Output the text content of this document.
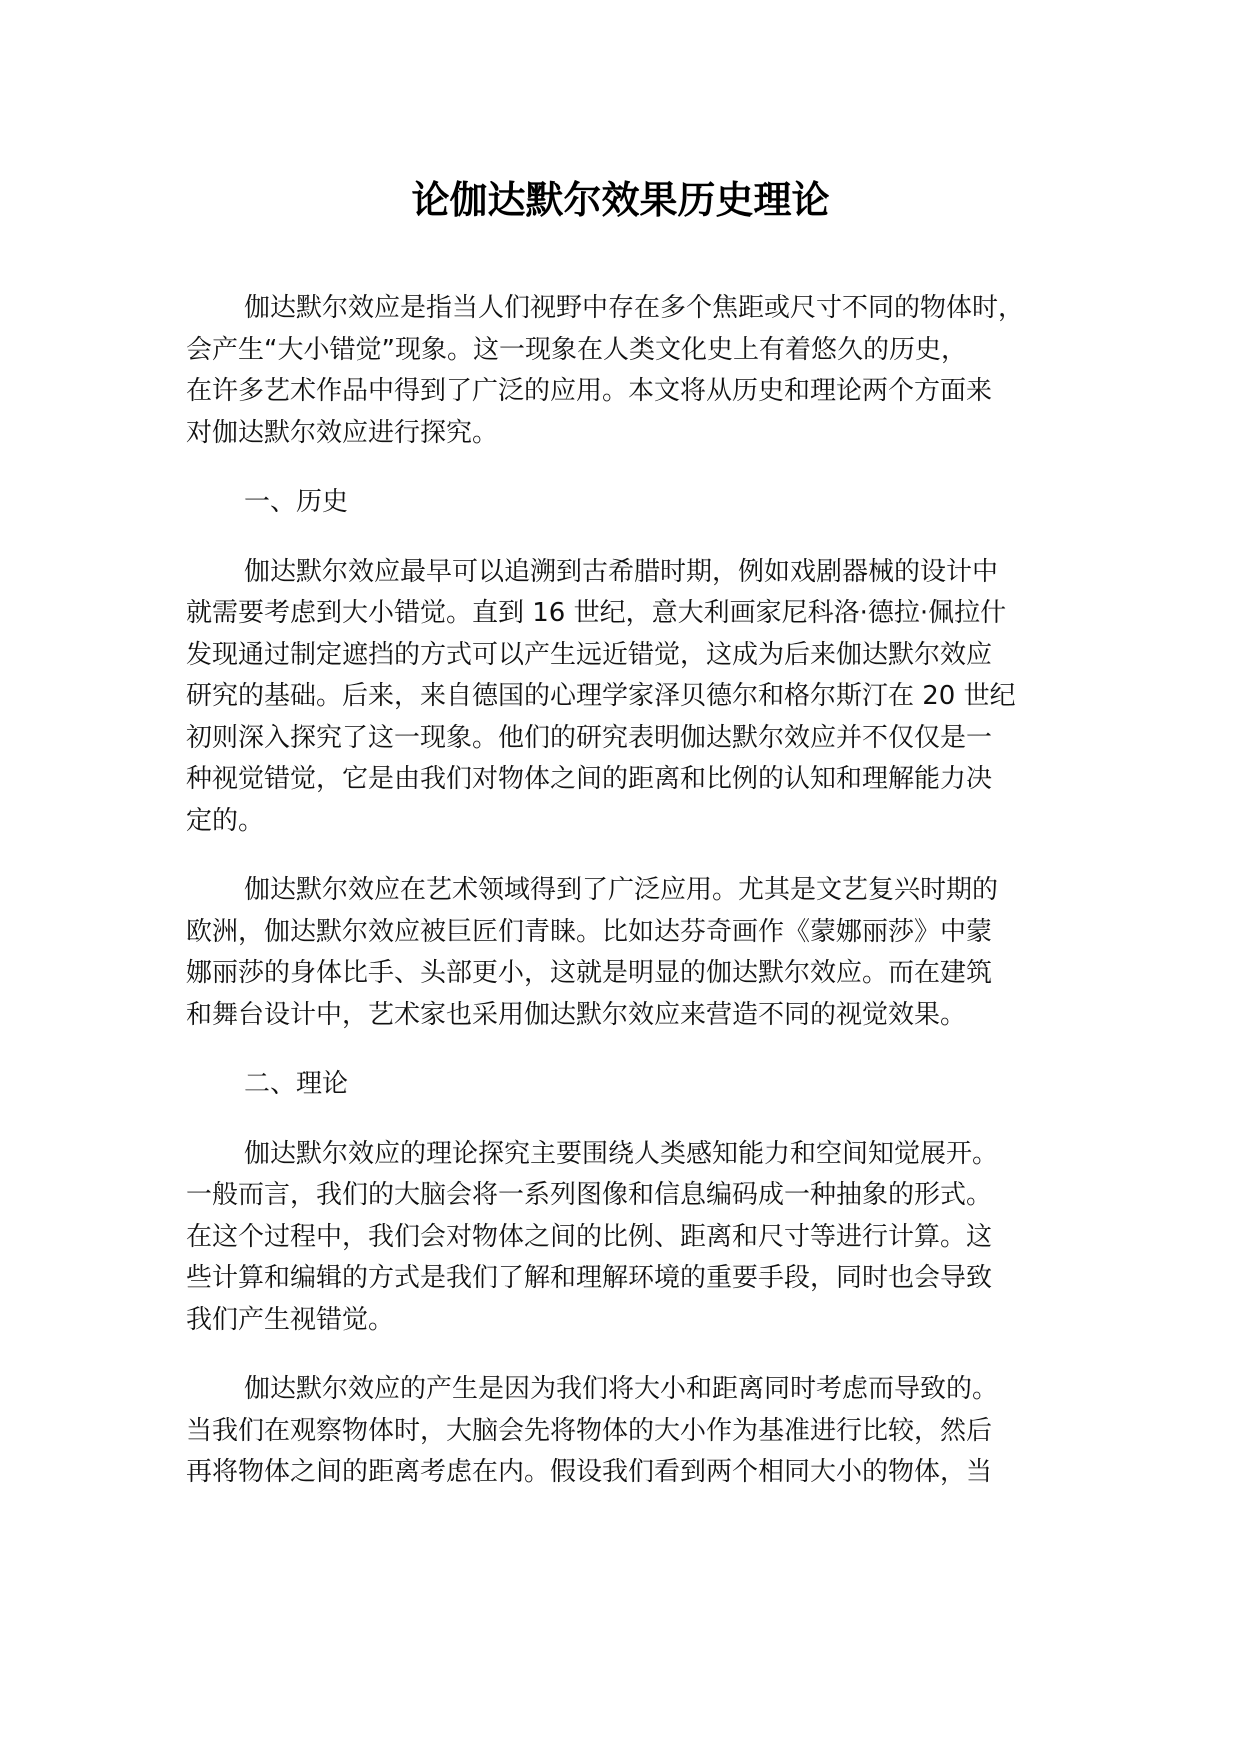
论伽达默尔效果历史理论

伽达默尔效应是指当人们视野中存在多个焦距或尺寸不同的物体时，
会产生“大小错觉”现象。这一现象在人类文化史上有着悠久的历史，
在许多艺术作品中得到了广泛的应用。本文将从历史和理论两个方面来
对伽达默尔效应进行探究。

一、历史

伽达默尔效应最早可以追溯到古希腊时期，例如戏剧器械的设计中
就需要考虑到大小错觉。直到 16 世纪，意大利画家尼科洛·德拉·佩拉什
发现通过制定遮挡的方式可以产生远近错觉，这成为后来伽达默尔效应
研究的基础。后来，来自德国的心理学家泽贝德尔和格尔斯汀在 20 世纪
初则深入探究了这一现象。他们的研究表明伽达默尔效应并不仅仅是一
种视觉错觉，它是由我们对物体之间的距离和比例的认知和理解能力决
定的。

伽达默尔效应在艺术领域得到了广泛应用。尤其是文艺复兴时期的
欧洲，伽达默尔效应被巨匠们青睐。比如达芬奇画作《蒙娜丽莎》中蒙
娜丽莎的身体比手、头部更小，这就是明显的伽达默尔效应。而在建筑
和舞台设计中，艺术家也采用伽达默尔效应来营造不同的视觉效果。

二、理论

伽达默尔效应的理论探究主要围绕人类感知能力和空间知觉展开。
一般而言，我们的大脑会将一系列图像和信息编码成一种抽象的形式。
在这个过程中，我们会对物体之间的比例、距离和尺寸等进行计算。这
些计算和编辑的方式是我们了解和理解环境的重要手段，同时也会导致
我们产生视错觉。

伽达默尔效应的产生是因为我们将大小和距离同时考虑而导致的。
当我们在观察物体时，大脑会先将物体的大小作为基准进行比较，然后
再将物体之间的距离考虑在内。假设我们看到两个相同大小的物体，当
